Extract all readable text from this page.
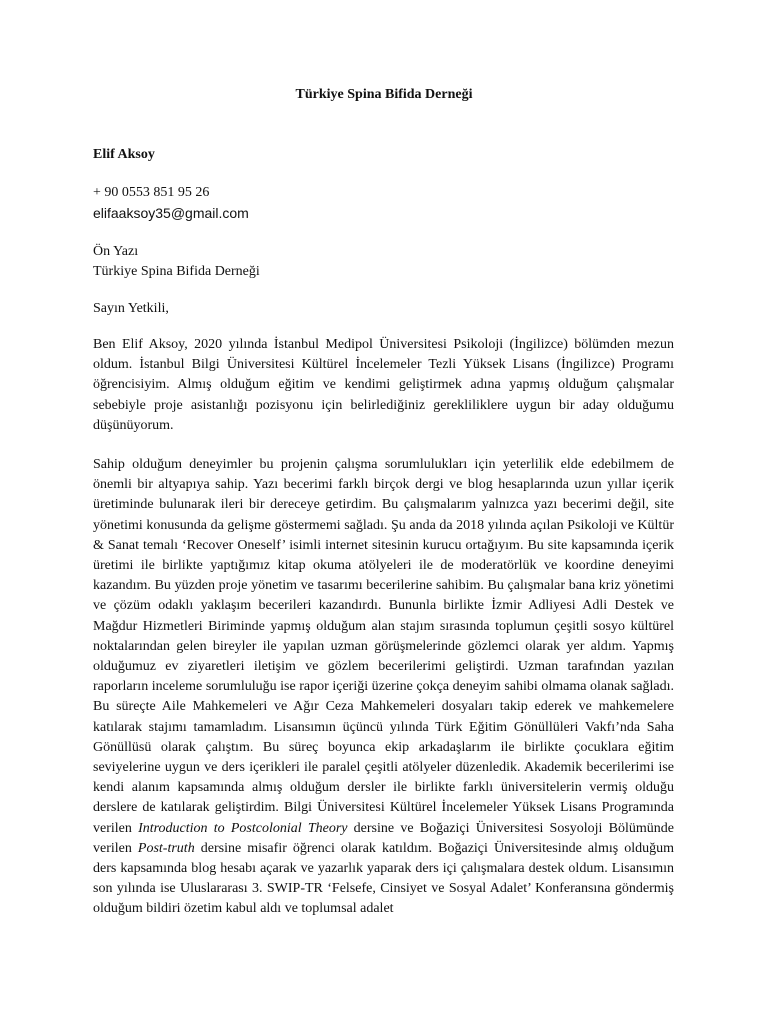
Türkiye Spina Bifida Derneği
Elif Aksoy
+ 90 0553 851 95 26
elifaaksoy35@gmail.com
Ön Yazı
Türkiye Spina Bifida Derneği
Sayın Yetkili,
Ben Elif Aksoy, 2020 yılında İstanbul Medipol Üniversitesi Psikoloji (İngilizce) bölümden mezun oldum. İstanbul Bilgi Üniversitesi Kültürel İncelemeler Tezli Yüksek Lisans (İngilizce) Programı öğrencisiyim. Almış olduğum eğitim ve kendimi geliştirmek adına yapmış olduğum çalışmalar sebebiyle proje asistanlığı pozisyonu için belirlediğiniz gerekliliklere uygun bir aday olduğumu düşünüyorum.
Sahip olduğum deneyimler bu projenin çalışma sorumlulukları için yeterlilik elde edebilmem de önemli bir altyapıya sahip. Yazı becerimi farklı birçok dergi ve blog hesaplarında uzun yıllar içerik üretiminde bulunarak ileri bir dereceye getirdim. Bu çalışmalarım yalnızca yazı becerimi değil, site yönetimi konusunda da gelişme göstermemi sağladı. Şu anda da 2018 yılında açılan Psikoloji ve Kültür & Sanat temalı ‘Recover Oneself’ isimli internet sitesinin kurucu ortağıyım. Bu site kapsamında içerik üretimi ile birlikte yaptığımız kitap okuma atölyeleri ile de moderatörlük ve koordine deneyimi kazandım. Bu yüzden proje yönetim ve tasarımı becerilerine sahibim. Bu çalışmalar bana kriz yönetimi ve çözüm odaklı yaklaşım becerileri kazandırdı. Bununla birlikte İzmir Adliyesi Adli Destek ve Mağdur Hizmetleri Biriminde yapmış olduğum alan stajım sırasında toplumun çeşitli sosyo kültürel noktalarından gelen bireyler ile yapılan uzman görüşmelerinde gözlemci olarak yer aldım. Yapmış olduğumuz ev ziyaretleri iletişim ve gözlem becerilerimi geliştirdi. Uzman tarafından yazılan raporların inceleme sorumluluğu ise rapor içeriği üzerine çokça deneyim sahibi olmama olanak sağladı. Bu süreçte Aile Mahkemeleri ve Ağır Ceza Mahkemeleri dosyaları takip ederek ve mahkemelere katılarak stajımı tamamladım. Lisansımın üçüncü yılında Türk Eğitim Gönüllüleri Vakfı’nda Saha Gönüllüsü olarak çalıştım. Bu süreç boyunca ekip arkadaşlarım ile birlikte çocuklara eğitim seviyelerine uygun ve ders içerikleri ile paralel çeşitli atölyeler düzenledik. Akademik becerilerimi ise kendi alanım kapsamında almış olduğum dersler ile birlikte farklı üniversitelerin vermiş olduğu derslere de katılarak geliştirdim. Bilgi Üniversitesi Kültürel İncelemeler Yüksek Lisans Programında verilen Introduction to Postcolonial Theory dersine ve Boğaziçi Üniversitesi Sosyoloji Bölümünde verilen Post-truth dersine misafir öğrenci olarak katıldım. Boğaziçi Üniversitesinde almış olduğum ders kapsamında blog hesabı açarak ve yazarlık yaparak ders içi çalışmalara destek oldum. Lisansımın son yılında ise Uluslararası 3. SWIP-TR ‘Felsefe, Cinsiyet ve Sosyal Adalet’ Konferansına göndermiş olduğum bildiri özetim kabul aldı ve toplumsal adalet
